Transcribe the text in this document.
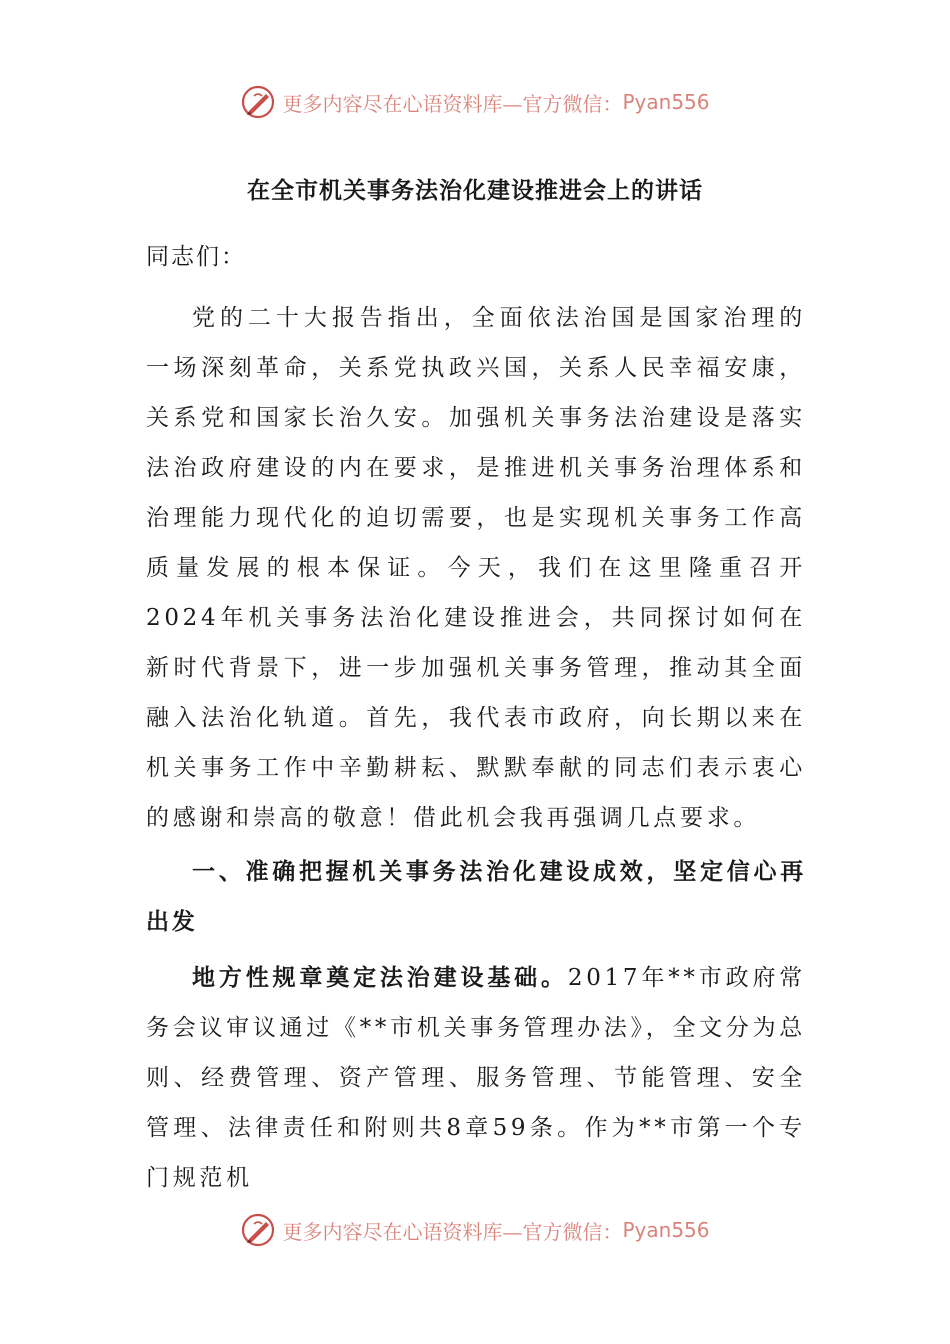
更多内容尽在心语资料库—官方微信： Pyan556
在全市机关事务法治化建设推进会上的讲话
同志们：

党的二十大报告指出，全面依法治国是国家治理的一场深刻革命，关系党执政兴国，关系人民幸福安康，关系党和国家长治久安。加强机关事务法治建设是落实法治政府建设的内在要求，是推进机关事务治理体系和治理能力现代化的迫切需要，也是实现机关事务工作高质量发展的根本保证。今天，我们在这里隆重召开2024年机关事务法治化建设推进会，共同探讨如何在新时代背景下，进一步加强机关事务管理，推动其全面融入法治化轨道。首先，我代表市政府，向长期以来在机关事务工作中辛勤耕耘、默默奉献的同志们表示衷心的感谢和崇高的敬意！借此机会我再强调几点要求。

一、准确把握机关事务法治化建设成效，坚定信心再出发

地方性规章奠定法治建设基础。2017年**市政府常务会议审议通过《**市机关事务管理办法》，全文分为总则、经费管理、资产管理、服务管理、节能管理、安全管理、法律责任和附则共8章59条。作为**市第一个专门规范机

更多内容尽在心语资料库—官方微信： Pyan556
